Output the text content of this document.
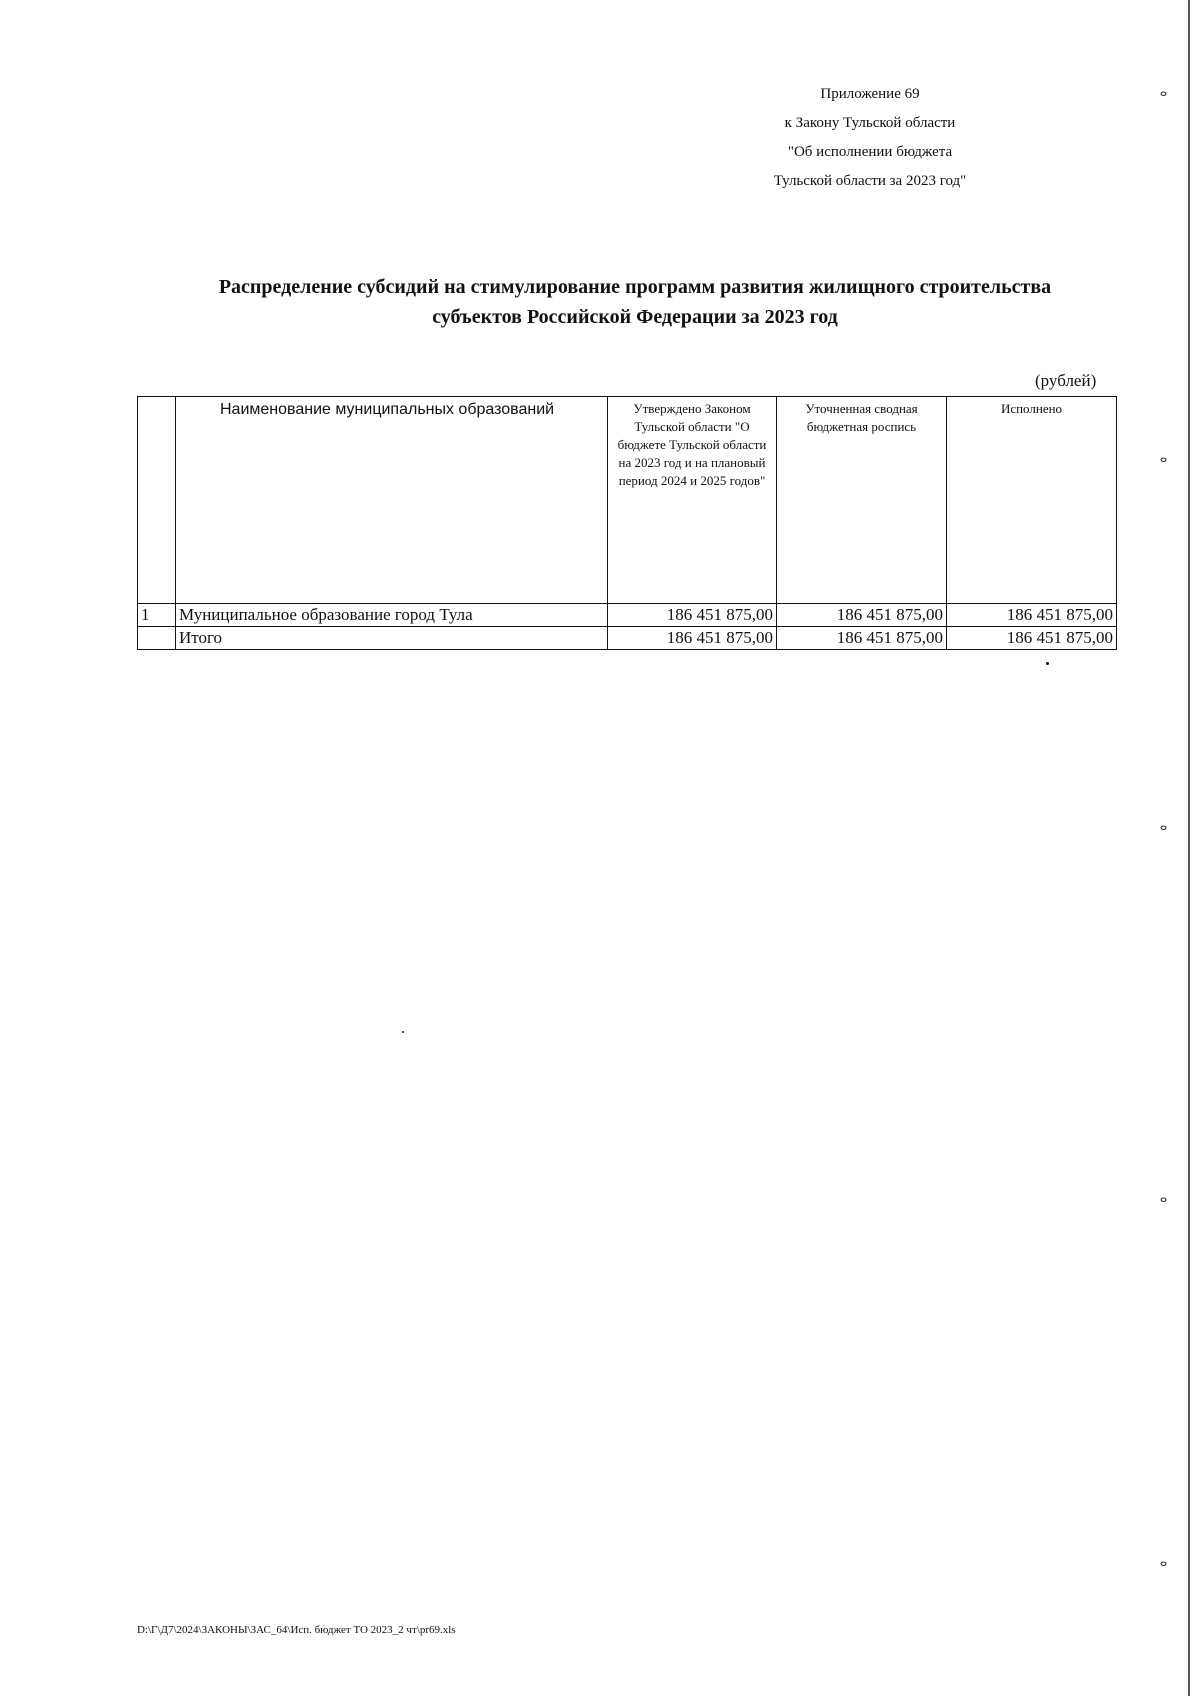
ⴰ
ⴰ
ⴰ
ⴰ
ⴰ
Приложение 69
к Закону Тульской области
"Об исполнении бюджета
Тульской области за 2023 год"
Распределение субсидий на стимулирование программ развития жилищного строительства
субъектов Российской Федерации за 2023 год
(рублей)
	Наименование муниципальных образований	Утверждено Законом Тульской области "О бюджете Тульской области на 2023 год и на плановый период 2024 и 2025 годов"	Уточненная сводная бюджетная роспись	Исполнено
1	Муниципальное образование город Тула	186 451 875,00	186 451 875,00	186 451 875,00
	Итого	186 451 875,00	186 451 875,00	186 451 875,00
D:\Г\Д7\2024\ЗАКОНЫ\ЗАС_64\Исп. бюджет ТО 2023_2 чт\pr69.xls
